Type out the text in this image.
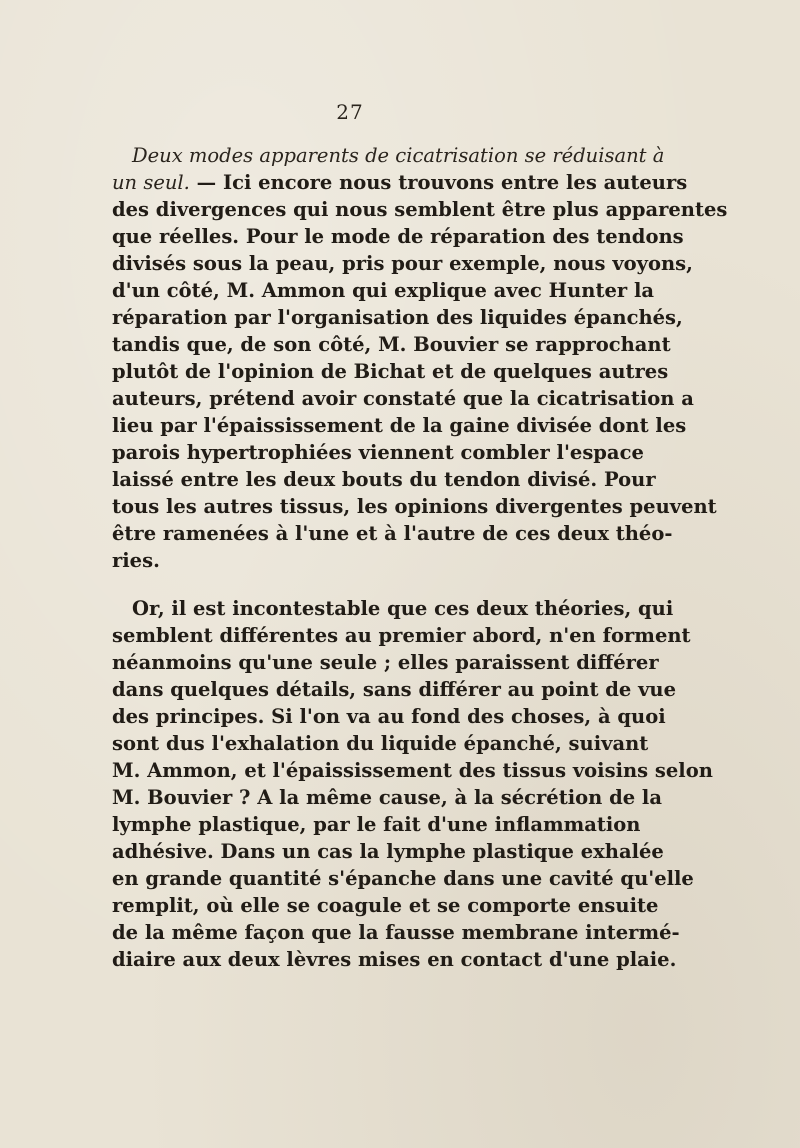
27
Deux modes apparents de cicatrisation se réduisant à
un seul. — Ici encore nous trouvons entre les auteurs
des divergences qui nous semblent être plus apparentes
que réelles. Pour le mode de réparation des tendons
divisés sous la peau, pris pour exemple, nous voyons,
d'un côté, M. Ammon qui explique avec Hunter la
réparation par l'organisation des liquides épanchés,
tandis que, de son côté, M. Bouvier se rapprochant
plutôt de l'opinion de Bichat et de quelques autres
auteurs, prétend avoir constaté que la cicatrisation a
lieu par l'épaississement de la gaine divisée dont les
parois hypertrophiées viennent combler l'espace
laissé entre les deux bouts du tendon divisé. Pour
tous les autres tissus, les opinions divergentes peuvent
être ramenées à l'une et à l'autre de ces deux théo-
ries.
Or, il est incontestable que ces deux théories, qui
semblent différentes au premier abord, n'en forment
néanmoins qu'une seule ; elles paraissent différer
dans quelques détails, sans différer au point de vue
des principes. Si l'on va au fond des choses, à quoi
sont dus l'exhalation du liquide épanché, suivant
M. Ammon, et l'épaississement des tissus voisins selon
M. Bouvier ? A la même cause, à la sécrétion de la
lymphe plastique, par le fait d'une inflammation
adhésive. Dans un cas la lymphe plastique exhalée
en grande quantité s'épanche dans une cavité qu'elle
remplit, où elle se coagule et se comporte ensuite
de la même façon que la fausse membrane intermé-
diaire aux deux lèvres mises en contact d'une plaie.
